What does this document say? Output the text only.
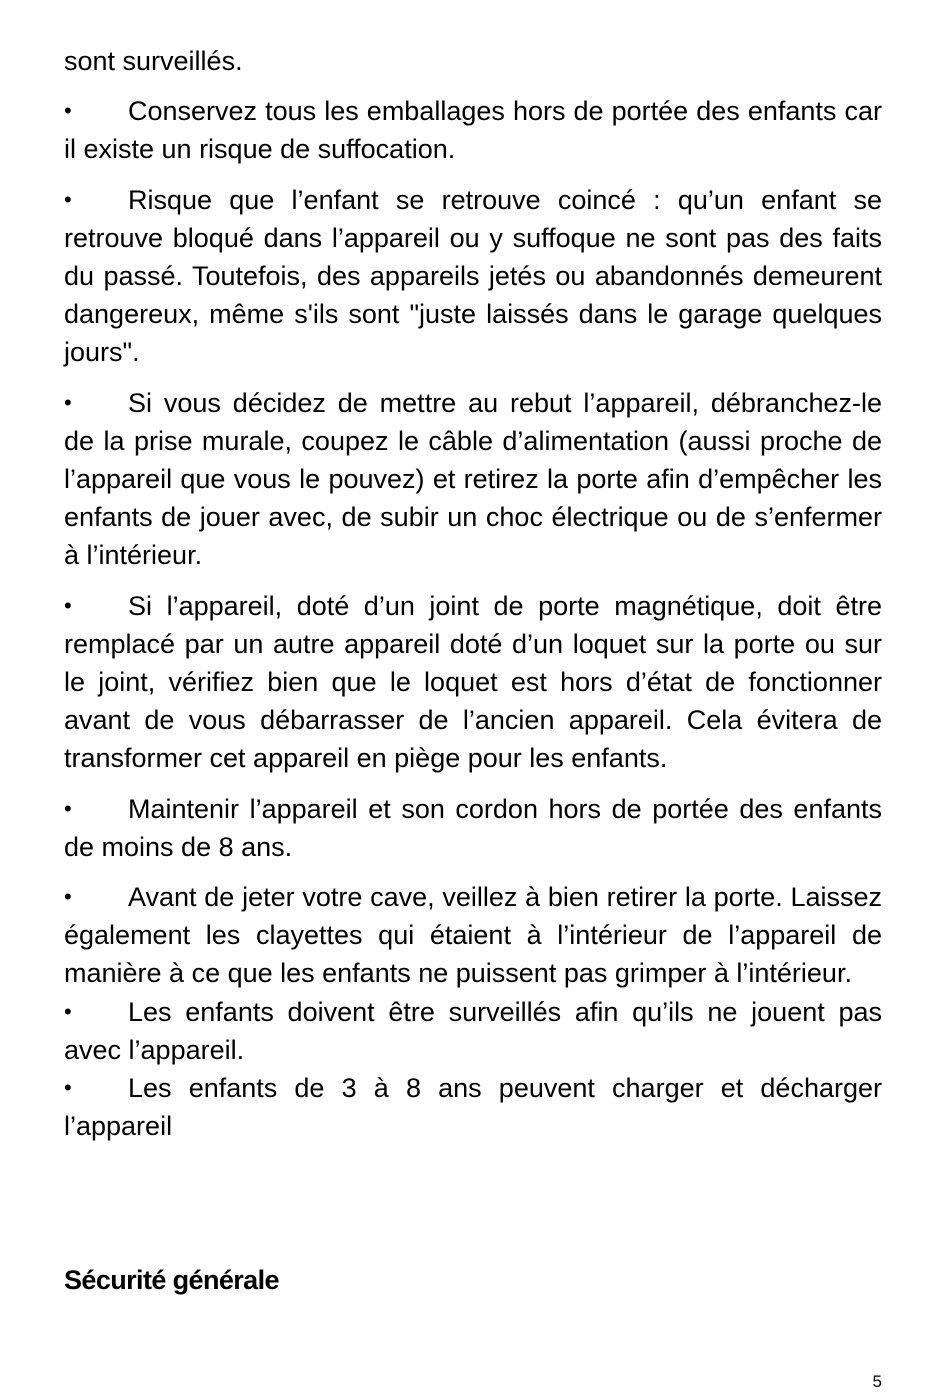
sont surveillés.

• Conservez tous les emballages hors de portée des enfants car il existe un risque de suffocation.

• Risque que l’enfant se retrouve coincé : qu’un enfant se retrouve bloqué dans l’appareil ou y suffoque ne sont pas des faits du passé. Toutefois, des appareils jetés ou abandonnés demeurent dangereux, même s'ils sont "juste laissés dans le garage quelques jours".

• Si vous décidez de mettre au rebut l’appareil, débranchez-le de la prise murale, coupez le câble d’alimentation (aussi proche de l’appareil que vous le pouvez) et retirez la porte afin d’empêcher les enfants de jouer avec, de subir un choc électrique ou de s’enfermer à l’intérieur.

• Si l’appareil, doté d’un joint de porte magnétique, doit être remplacé par un autre appareil doté d’un loquet sur la porte ou sur le joint, vérifiez bien que le loquet est hors d’état de fonctionner avant de vous débarrasser de l’ancien appareil. Cela évitera de transformer cet appareil en piège pour les enfants.

• Maintenir l’appareil et son cordon hors de portée des enfants de moins de 8 ans.

• Avant de jeter votre cave, veillez à bien retirer la porte. Laissez également les clayettes qui étaient à l’intérieur de l’appareil de manière à ce que les enfants ne puissent pas grimper à l’intérieur.

• Les enfants doivent être surveillés afin qu’ils ne jouent pas avec l’appareil.

• Les enfants de 3 à 8 ans peuvent charger et décharger l’appareil

Sécurité générale

5
